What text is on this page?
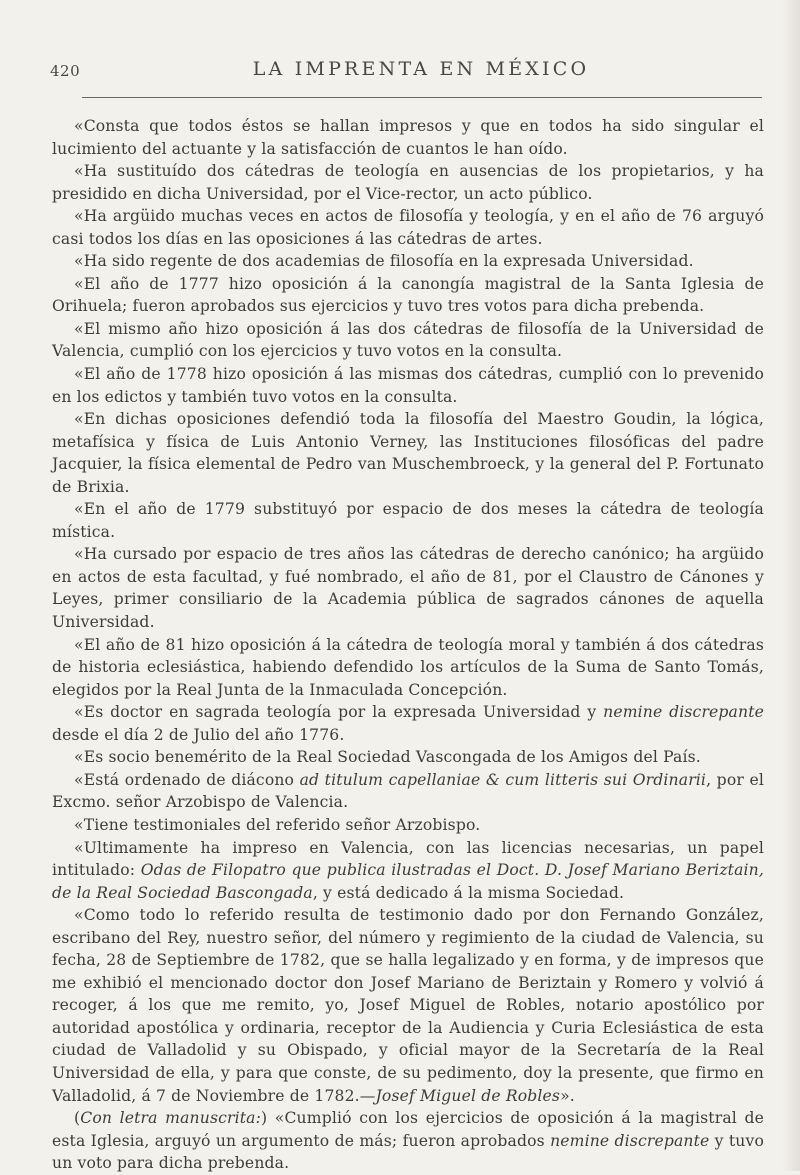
420	LA IMPRENTA EN MÉXICO

«Consta que todos éstos se hallan impresos y que en todos ha sido singular el lucimiento del actuante y la satisfacción de cuantos le han oído.

«Ha sustituído dos cátedras de teología en ausencias de los propietarios, y ha presidido en dicha Universidad, por el Vice-rector, un acto público.

«Ha argüido muchas veces en actos de filosofía y teología, y en el año de 76 arguyó casi todos los días en las oposiciones á las cátedras de artes.

«Ha sido regente de dos academias de filosofía en la expresada Universidad.

«El año de 1777 hizo oposición á la canongía magistral de la Santa Iglesia de Orihuela; fueron aprobados sus ejercicios y tuvo tres votos para dicha prebenda.

«El mismo año hizo oposición á las dos cátedras de filosofía de la Universidad de Valencia, cumplió con los ejercicios y tuvo votos en la consulta.

«El año de 1778 hizo oposición á las mismas dos cátedras, cumplió con lo prevenido en los edictos y también tuvo votos en la consulta.

«En dichas oposiciones defendió toda la filosofía del Maestro Goudin, la lógica, metafísica y física de Luis Antonio Verney, las Instituciones filosóficas del padre Jacquier, la física elemental de Pedro van Muschembroeck, y la general del P. Fortunato de Brixia.

«En el año de 1779 substituyó por espacio de dos meses la cátedra de teología mística.

«Ha cursado por espacio de tres años las cátedras de derecho canónico; ha argüido en actos de esta facultad, y fué nombrado, el año de 81, por el Claustro de Cánones y Leyes, primer consiliario de la Academia pública de sagrados cánones de aquella Universidad.

«El año de 81 hizo oposición á la cátedra de teología moral y también á dos cátedras de historia eclesiástica, habiendo defendido los artículos de la Suma de Santo Tomás, elegidos por la Real Junta de la Inmaculada Concepción.

«Es doctor en sagrada teología por la expresada Universidad y nemine discrepante desde el día 2 de Julio del año 1776.

«Es socio benemérito de la Real Sociedad Vascongada de los Amigos del País.

«Está ordenado de diácono ad titulum capellaniae & cum litteris sui Ordinarii, por el Excmo. señor Arzobispo de Valencia.

«Tiene testimoniales del referido señor Arzobispo.

«Ultimamente ha impreso en Valencia, con las licencias necesarias, un papel intitulado: Odas de Filopatro que publica ilustradas el Doct. D. Josef Mariano Beriztain, de la Real Sociedad Bascongada, y está dedicado á la misma Sociedad.

«Como todo lo referido resulta de testimonio dado por don Fernando González, escribano del Rey, nuestro señor, del número y regimiento de la ciudad de Valencia, su fecha, 28 de Septiembre de 1782, que se halla legalizado y en forma, y de impresos que me exhibió el mencionado doctor don Josef Mariano de Beriztain y Romero y volvió á recoger, á los que me remito, yo, Josef Miguel de Robles, notario apostólico por autoridad apostólica y ordinaria, receptor de la Audiencia y Curia Eclesiástica de esta ciudad de Valladolid y su Obispado, y oficial mayor de la Secretaría de la Real Universidad de ella, y para que conste, de su pedimento, doy la presente, que firmo en Valladolid, á 7 de Noviembre de 1782.—Josef Miguel de Robles».

(Con letra manuscrita:) «Cumplió con los ejercicios de oposición á la magistral de esta Iglesia, arguyó un argumento de más; fueron aprobados nemine discrepante y tuvo un voto para dicha prebenda.
